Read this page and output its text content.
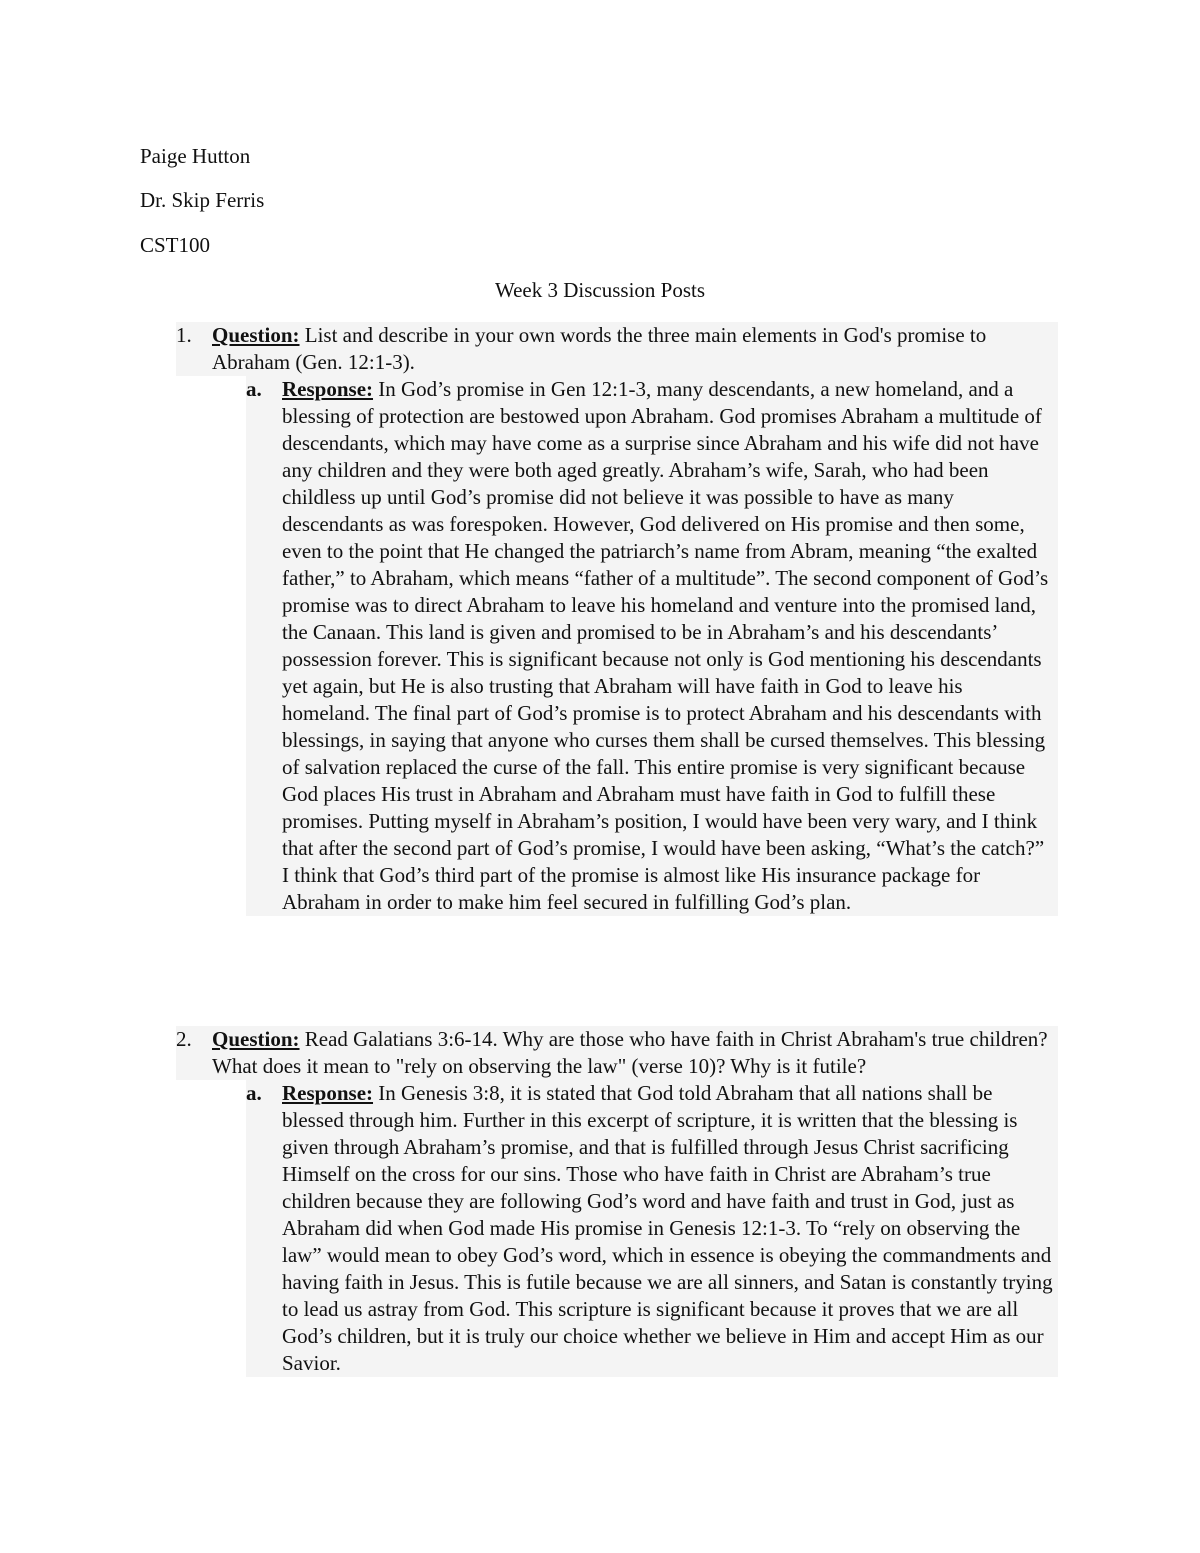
Paige Hutton

Dr. Skip Ferris

CST100

Week 3 Discussion Posts

1. Question: List and describe in your own words the three main elements in God's promise to Abraham (Gen. 12:1-3).
a. Response: In God’s promise in Gen 12:1-3, many descendants, a new homeland, and a blessing of protection are bestowed upon Abraham. God promises Abraham a multitude of descendants, which may have come as a surprise since Abraham and his wife did not have any children and they were both aged greatly. Abraham’s wife, Sarah, who had been childless up until God’s promise did not believe it was possible to have as many descendants as was forespoken. However, God delivered on His promise and then some, even to the point that He changed the patriarch’s name from Abram, meaning “the exalted father,” to Abraham, which means “father of a multitude”. The second component of God’s promise was to direct Abraham to leave his homeland and venture into the promised land, the Canaan. This land is given and promised to be in Abraham’s and his descendants’ possession forever. This is significant because not only is God mentioning his descendants yet again, but He is also trusting that Abraham will have faith in God to leave his homeland. The final part of God’s promise is to protect Abraham and his descendants with blessings, in saying that anyone who curses them shall be cursed themselves. This blessing of salvation replaced the curse of the fall. This entire promise is very significant because God places His trust in Abraham and Abraham must have faith in God to fulfill these promises. Putting myself in Abraham’s position, I would have been very wary, and I think that after the second part of God’s promise, I would have been asking, “What’s the catch?” I think that God’s third part of the promise is almost like His insurance package for Abraham in order to make him feel secured in fulfilling God’s plan.
2. Question: Read Galatians 3:6-14. Why are those who have faith in Christ Abraham's true children? What does it mean to "rely on observing the law" (verse 10)? Why is it futile?
a. Response: In Genesis 3:8, it is stated that God told Abraham that all nations shall be blessed through him. Further in this excerpt of scripture, it is written that the blessing is given through Abraham’s promise, and that is fulfilled through Jesus Christ sacrificing Himself on the cross for our sins. Those who have faith in Christ are Abraham’s true children because they are following God’s word and have faith and trust in God, just as Abraham did when God made His promise in Genesis 12:1-3. To “rely on observing the law” would mean to obey God’s word, which in essence is obeying the commandments and having faith in Jesus. This is futile because we are all sinners, and Satan is constantly trying to lead us astray from God. This scripture is significant because it proves that we are all God’s children, but it is truly our choice whether we believe in Him and accept Him as our Savior.
